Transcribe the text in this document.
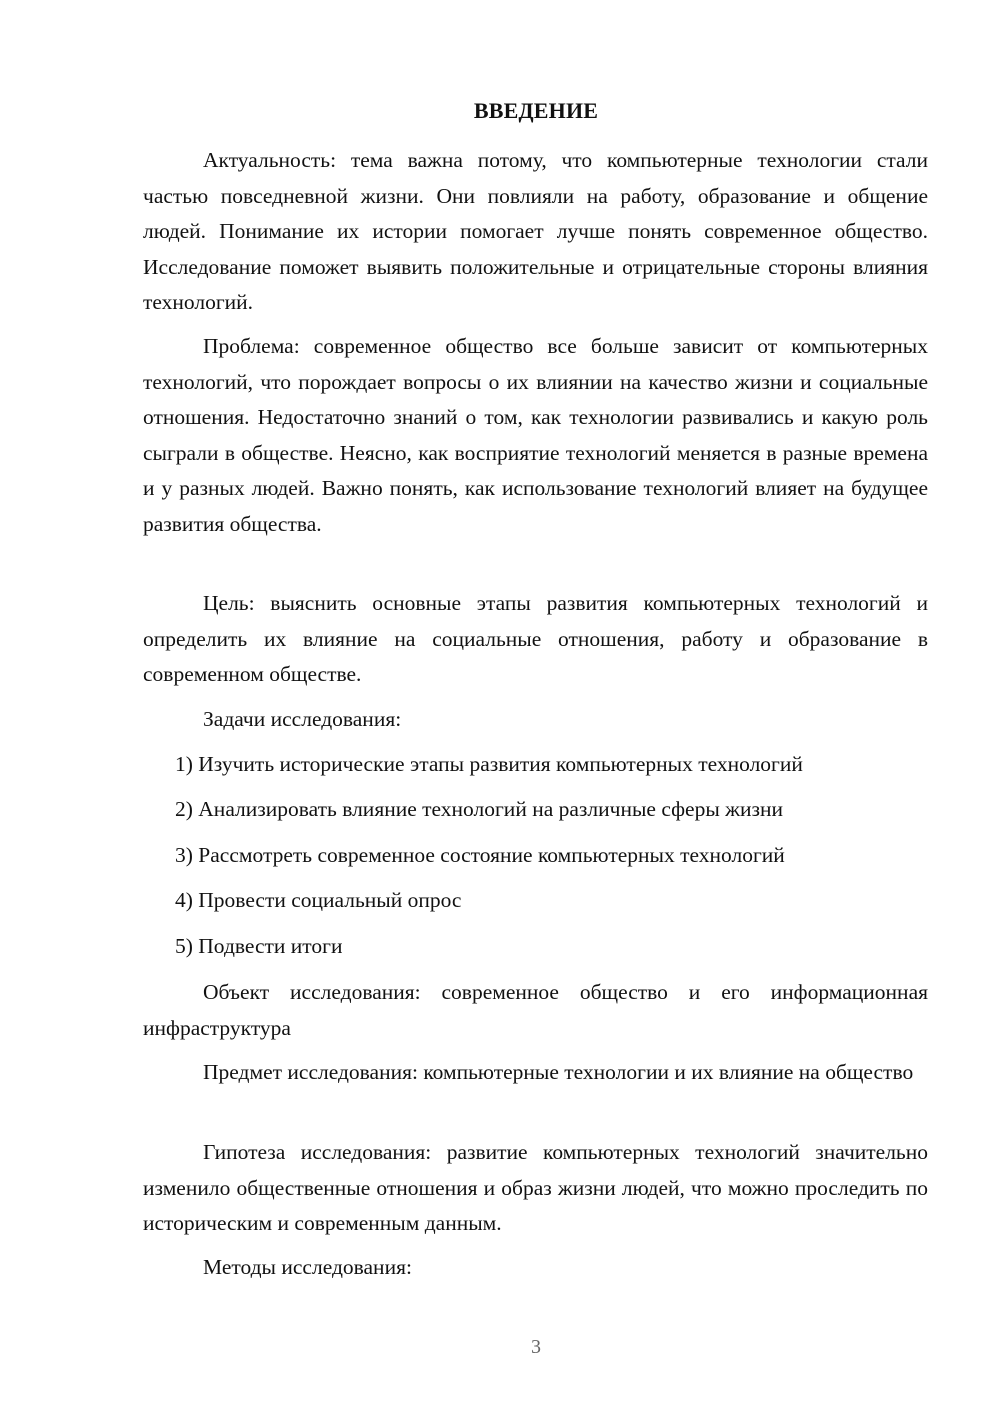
ВВЕДЕНИЕ

Актуальность: тема важна потому, что компьютерные технологии стали частью повседневной жизни. Они повлияли на работу, образование и общение людей. Понимание их истории помогает лучше понять современное общество. Исследование поможет выявить положительные и отрицательные стороны влияния технологий.

Проблема: современное общество все больше зависит от компьютерных технологий, что порождает вопросы о их влиянии на качество жизни и социальные отношения. Недостаточно знаний о том, как технологии развивались и какую роль сыграли в обществе. Неясно, как восприятие технологий меняется в разные времена и у разных людей. Важно понять, как использование технологий влияет на будущее развития общества.

Цель: выяснить основные этапы развития компьютерных технологий и определить их влияние на социальные отношения, работу и образование в современном обществе.

Задачи исследования:

1) Изучить исторические этапы развития компьютерных технологий

2) Анализировать влияние технологий на различные сферы жизни

3) Рассмотреть современное состояние компьютерных технологий

4) Провести социальный опрос

5) Подвести итоги

Объект исследования: современное общество и его информационная инфраструктура

Предмет исследования: компьютерные технологии и их влияние на общество

Гипотеза исследования: развитие компьютерных технологий значительно изменило общественные отношения и образ жизни людей, что можно проследить по историческим и современным данным.

Методы исследования:

3
